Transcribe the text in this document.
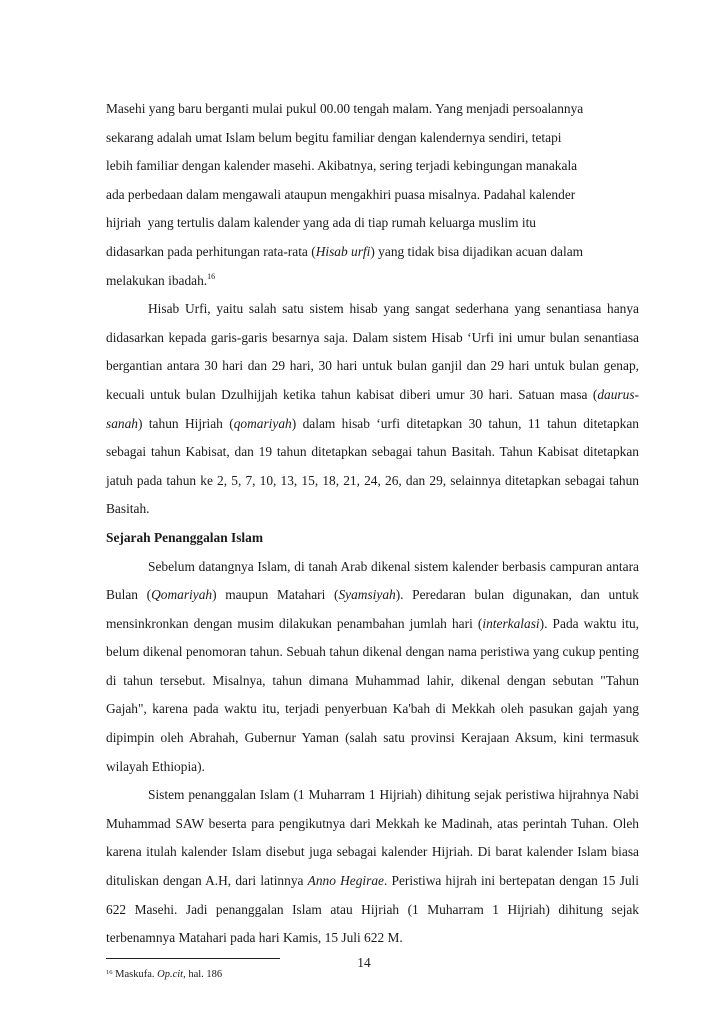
Masehi yang baru berganti mulai pukul 00.00 tengah malam. Yang menjadi persoalannya

sekarang adalah umat Islam belum begitu familiar dengan kalendernya sendiri, tetapi

lebih familiar dengan kalender masehi. Akibatnya, sering terjadi kebingungan manakala

ada perbedaan dalam mengawali ataupun mengakhiri puasa misalnya. Padahal kalender

hijriah  yang tertulis dalam kalender yang ada di tiap rumah keluarga muslim itu

didasarkan pada perhitungan rata-rata (Hisab urfi) yang tidak bisa dijadikan acuan dalam

melakukan ibadah.$^{16}$

Hisab Urfi, yaitu salah satu sistem hisab yang sangat sederhana yang senantiasa hanya didasarkan kepada garis-garis besarnya saja. Dalam sistem Hisab ‘Urfi ini umur bulan senantiasa bergantian antara 30 hari dan 29 hari, 30 hari untuk bulan ganjil dan 29 hari untuk bulan genap, kecuali untuk bulan Dzulhijjah ketika tahun kabisat diberi umur 30 hari. Satuan masa (daurus-sanah) tahun Hijriah (qomariyah) dalam hisab ‘urfi ditetapkan 30 tahun, 11 tahun ditetapkan sebagai tahun Kabisat, dan 19 tahun ditetapkan sebagai tahun Basitah. Tahun Kabisat ditetapkan jatuh pada tahun ke 2, 5, 7, 10, 13, 15, 18, 21, 24, 26, dan 29, selainnya ditetapkan sebagai tahun Basitah.

Sejarah Penanggalan Islam

Sebelum datangnya Islam, di tanah Arab dikenal sistem kalender berbasis campuran antara Bulan (Qomariyah) maupun Matahari (Syamsiyah). Peredaran bulan digunakan, dan untuk mensinkronkan dengan musim dilakukan penambahan jumlah hari (interkalasi). Pada waktu itu, belum dikenal penomoran tahun. Sebuah tahun dikenal dengan nama peristiwa yang cukup penting di tahun tersebut. Misalnya, tahun dimana Muhammad lahir, dikenal dengan sebutan "Tahun Gajah", karena pada waktu itu, terjadi penyerbuan Ka'bah di Mekkah oleh pasukan gajah yang dipimpin oleh Abrahah, Gubernur Yaman (salah satu provinsi Kerajaan Aksum, kini termasuk wilayah Ethiopia).

Sistem penanggalan Islam (1 Muharram 1 Hijriah) dihitung sejak peristiwa hijrahnya Nabi Muhammad SAW beserta para pengikutnya dari Mekkah ke Madinah, atas perintah Tuhan. Oleh karena itulah kalender Islam disebut juga sebagai kalender Hijriah. Di barat kalender Islam biasa dituliskan dengan A.H, dari latinnya Anno Hegirae. Peristiwa hijrah ini bertepatan dengan 15 Juli 622 Masehi. Jadi penanggalan Islam atau Hijriah (1 Muharram 1 Hijriah) dihitung sejak terbenamnya Matahari pada hari Kamis, 15 Juli 622 M.

$^{16}$ Maskufa. Op.cit, hal. 186

14
